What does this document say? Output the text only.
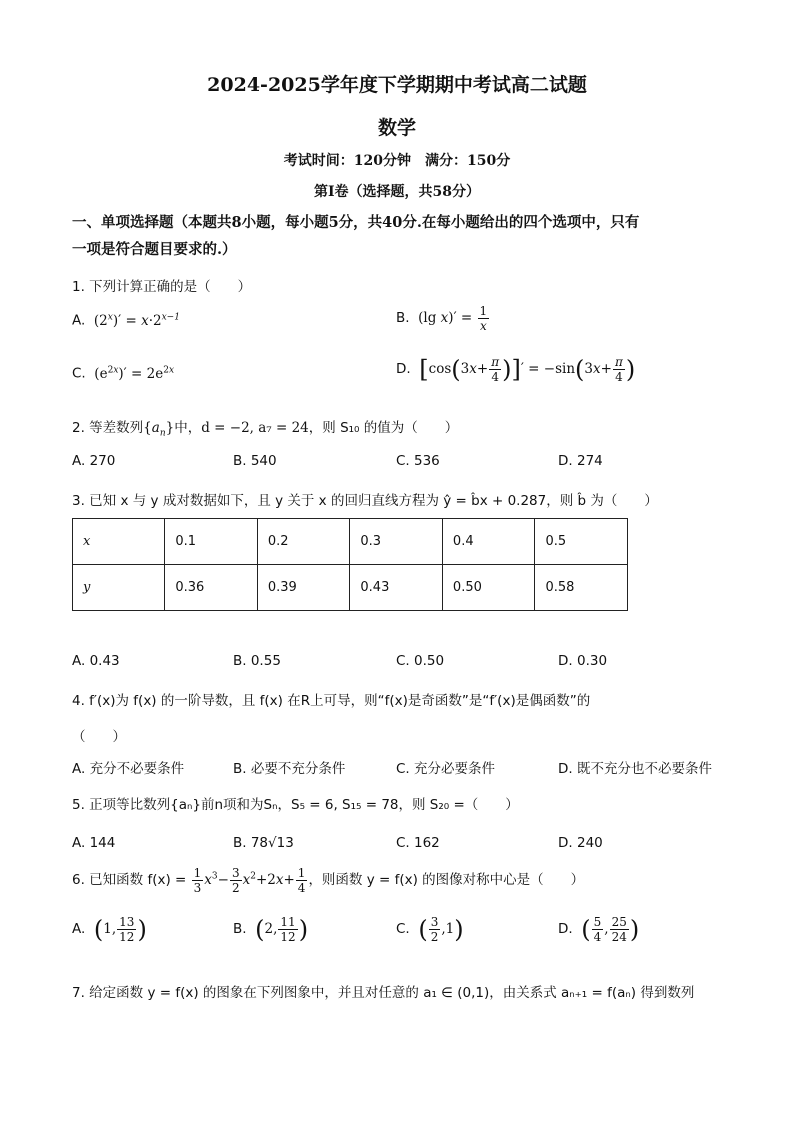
2024-2025学年度下学期期中考试高二试题
数学
考试时间：120分钟　满分：150分
第I卷（选择题，共58分）
一、单项选择题（本题共8小题，每小题5分，共40分.在每小题给出的四个选项中，只有
一项是符合题目要求的.）
1. 下列计算正确的是（　　）
A.  $(2^x)' = x\cdot 2^{x-1}$	B.  (lg $x)' = \frac{1}{x}$
C.  $(e^{2x})' = 2e^{2x}$	D. [$\cos(3x+ \frac{\pi}{4}$ )]′ = $-\sin(3x+ \frac{\pi}{4}$ )
2. 等差数列$\{a_n\}$中，d = −2, a₇ = 24，则 S₁₀ 的值为（　　）
A. 270	B. 540	C. 536	D. 274
3. 已知 x 与 y 成对数据如下，且 y 关于 x 的回归直线方程为 ŷ = b̂x + 0.287，则 b̂ 为（　　）
x	0.1	0.2	0.3	0.4	0.5
y	0.36	0.39	0.43	0.50	0.58
A. 0.43	B. 0.55	C. 0.50	D. 0.30
4. f′(x)为 f(x) 的一阶导数，且 f(x) 在R上可导，则“f(x)是奇函数”是“f′(x)是偶函数”的
（　　）
A. 充分不必要条件	B. 必要不充分条件	C. 充分必要条件	D. 既不充分也不必要条件
5. 正项等比数列{aₙ}前n项和为Sₙ，S₅ = 6, S₁₅ = 78，则 S₂₀ =（　　）
A. 144	B. 78√13	C. 162	D. 240
6. 已知函数 $f(x) = \frac{1}{3} x^3- \frac{3}{2} x^2+2x+ \frac{1}{4}$ ，则函数 y = f(x) 的图像对称中心是（　　）
A. (1, $\frac{13}{12}$ )	B. (2, $\frac{11}{12}$ )	C. ( $\frac{3}{2} ,1$)	D. ( $\frac{5}{4}$ , $\frac{25}{24}$ )
7. 给定函数 y = f(x) 的图象在下列图象中，并且对任意的 a₁ ∈ (0,1)，由关系式 aₙ₊₁ = f(aₙ) 得到数列
